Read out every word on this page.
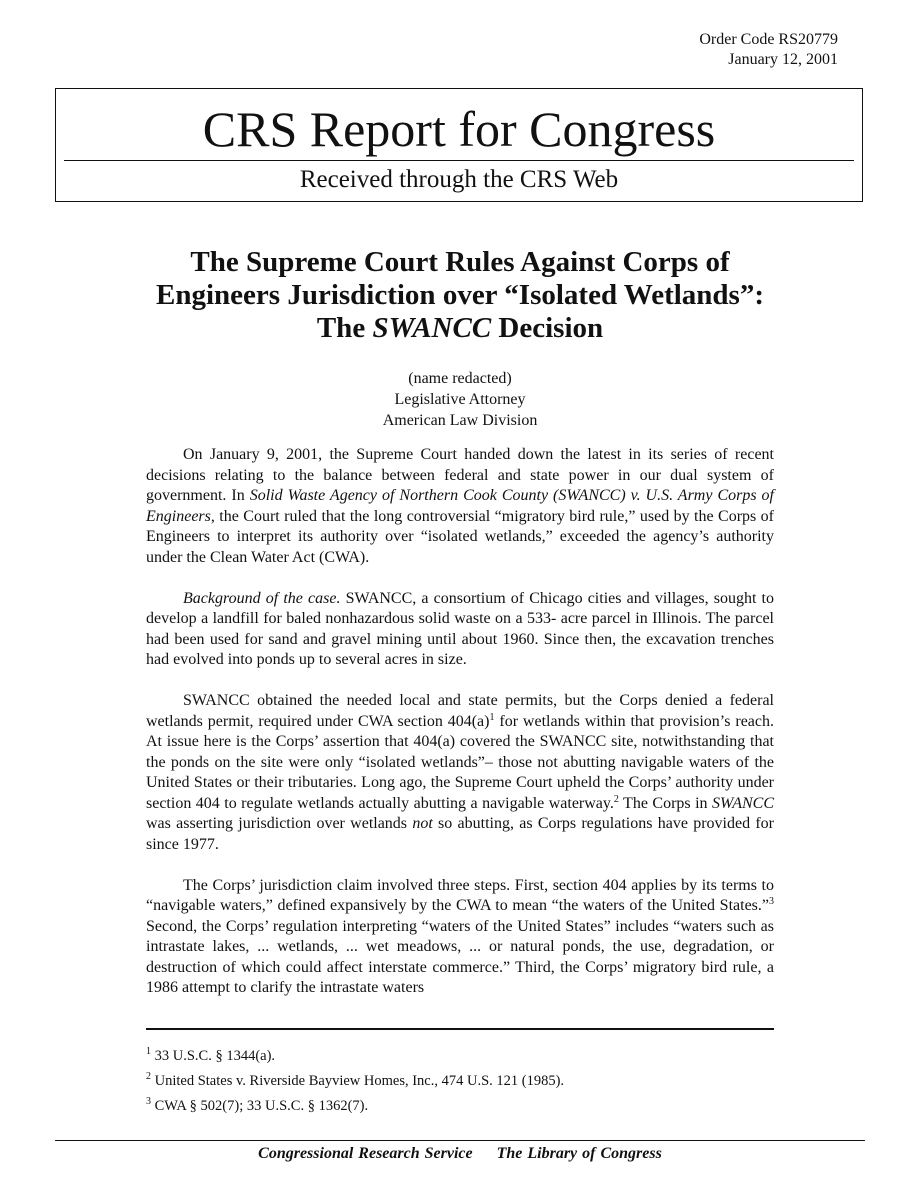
Order Code RS20779
January 12, 2001
CRS Report for Congress
Received through the CRS Web
The Supreme Court Rules Against Corps of
Engineers Jurisdiction over “Isolated Wetlands”:
The SWANCC Decision
(name redacted)
Legislative Attorney
American Law Division

On January 9, 2001, the Supreme Court handed down the latest in its series of recent decisions relating to the balance between federal and state power in our dual system of government. In Solid Waste Agency of Northern Cook County (SWANCC) v. U.S. Army Corps of Engineers, the Court ruled that the long controversial “migratory bird rule,” used by the Corps of Engineers to interpret its authority over “isolated wetlands,” exceeded the agency’s authority under the Clean Water Act (CWA).

Background of the case. SWANCC, a consortium of Chicago cities and villages, sought to develop a landfill for baled nonhazardous solid waste on a 533- acre parcel in Illinois. The parcel had been used for sand and gravel mining until about 1960. Since then, the excavation trenches had evolved into ponds up to several acres in size.

SWANCC obtained the needed local and state permits, but the Corps denied a federal wetlands permit, required under CWA section $404(a)^1$ for wetlands within that provision’s reach. At issue here is the Corps’ assertion that 404(a) covered the SWANCC site, notwithstanding that the ponds on the site were only “isolated wetlands”– those not abutting navigable waters of the United States or their tributaries. Long ago, the Supreme Court upheld the Corps’ authority under section 404 to regulate wetlands actually abutting a navigable waterway.$^2$ The Corps in SWANCC was asserting jurisdiction over wetlands not so abutting, as Corps regulations have provided for since 1977.

The Corps’ jurisdiction claim involved three steps. First, section 404 applies by its terms to “navigable waters,” defined expansively by the CWA to mean “the waters of the United States.”$^3$ Second, the Corps’ regulation interpreting “waters of the United States” includes “waters such as intrastate lakes, ... wetlands, ... wet meadows, ... or natural ponds, the use, degradation, or destruction of which could affect interstate commerce.” Third, the Corps’ migratory bird rule, a 1986 attempt to clarify the intrastate waters

$^1$ 33 U.S.C. § 1344(a).
$^2$ United States v. Riverside Bayview Homes, Inc., 474 U.S. 121 (1985).
$^3$ CWA § 502(7); 33 U.S.C. § 1362(7).
Congressional Research Service The Library of Congress
